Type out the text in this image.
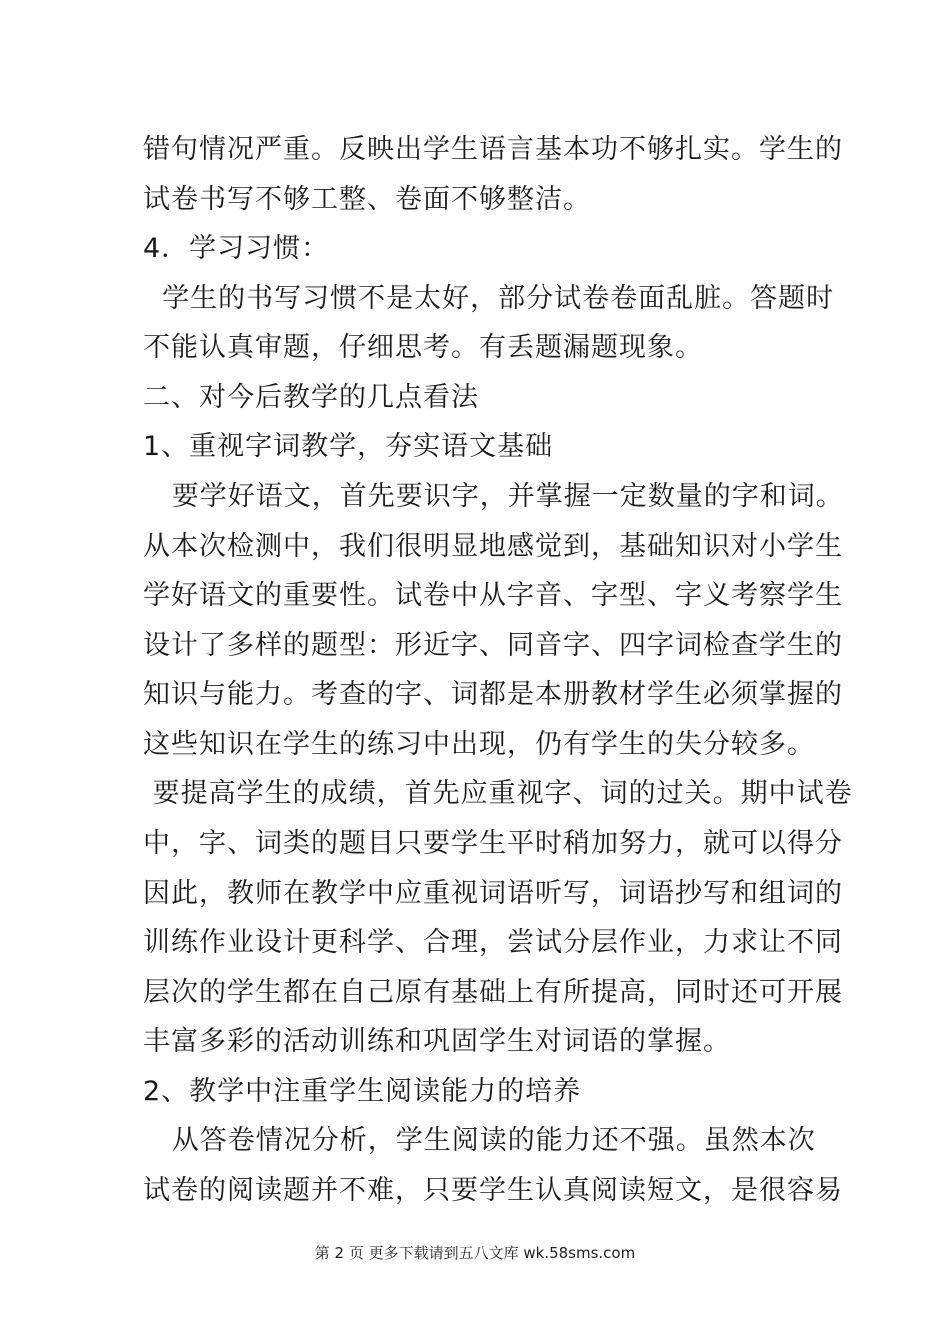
错句情况严重。反映出学生语言基本功不够扎实。学生的
试卷书写不够工整、卷面不够整洁。
4．学习习惯：
学生的书写习惯不是太好，部分试卷卷面乱脏。答题时
不能认真审题，仔细思考。有丢题漏题现象。
二、对今后教学的几点看法
1、重视字词教学，夯实语文基础
要学好语文，首先要识字，并掌握一定数量的字和词。
从本次检测中，我们很明显地感觉到，基础知识对小学生
学好语文的重要性。试卷中从字音、字型、字义考察学生
设计了多样的题型：形近字、同音字、四字词检查学生的
知识与能力。考查的字、词都是本册教材学生必须掌握的
这些知识在学生的练习中出现，仍有学生的失分较多。
要提高学生的成绩，首先应重视字、词的过关。期中试卷
中，字、词类的题目只要学生平时稍加努力，就可以得分
因此，教师在教学中应重视词语听写，词语抄写和组词的
训练作业设计更科学、合理，尝试分层作业，力求让不同
层次的学生都在自己原有基础上有所提高，同时还可开展
丰富多彩的活动训练和巩固学生对词语的掌握。
2、教学中注重学生阅读能力的培养
从答卷情况分析，学生阅读的能力还不强。虽然本次
试卷的阅读题并不难，只要学生认真阅读短文，是很容易
第 2 页 更多下载请到五八文库 wk.58sms.com
